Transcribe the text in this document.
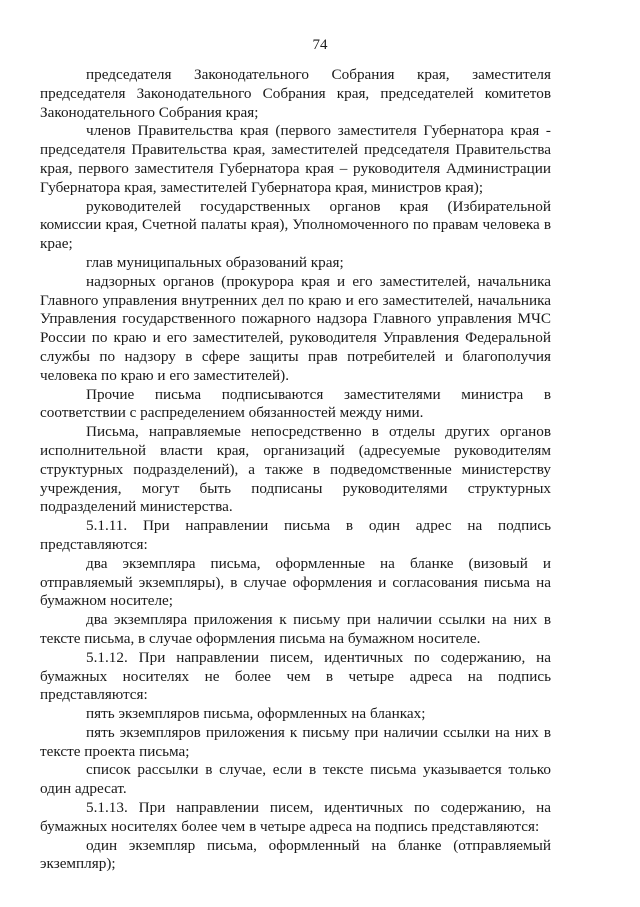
74

председателя Законодательного Собрания края, заместителя председателя Законодательного Собрания края, председателей комитетов Законодательного Собрания края;

членов Правительства края (первого заместителя Губернатора края - председателя Правительства края, заместителей председателя Правительства края, первого заместителя Губернатора края – руководителя Администрации Губернатора края, заместителей Губернатора края, министров края);

руководителей государственных органов края (Избирательной комиссии края, Счетной палаты края), Уполномоченного по правам человека в крае;

глав муниципальных образований края;

надзорных органов (прокурора края и его заместителей, начальника Главного управления внутренних дел по краю и его заместителей, начальника Управления государственного пожарного надзора Главного управления МЧС России по краю и его заместителей, руководителя Управления Федеральной службы по надзору в сфере защиты прав потребителей и благополучия человека по краю и его заместителей).

Прочие письма подписываются заместителями министра в соответствии с распределением обязанностей между ними.

Письма, направляемые непосредственно в отделы других органов исполнительной власти края, организаций (адресуемые руководителям структурных подразделений), а также в подведомственные министерству учреждения, могут быть подписаны руководителями структурных подразделений министерства.

5.1.11. При направлении письма в один адрес на подпись представляются:

два экземпляра письма, оформленные на бланке (визовый и отправляемый экземпляры), в случае оформления и согласования письма на бумажном носителе;

два экземпляра приложения к письму при наличии ссылки на них в тексте письма, в случае оформления письма на бумажном носителе.

5.1.12. При направлении писем, идентичных по содержанию, на бумажных носителях не более чем в четыре адреса на подпись представляются:

пять экземпляров письма, оформленных на бланках;

пять экземпляров приложения к письму при наличии ссылки на них в тексте проекта письма;

список рассылки в случае, если в тексте письма указывается только один адресат.

5.1.13. При направлении писем, идентичных по содержанию, на бумажных носителях более чем в четыре адреса на подпись представляются:

один экземпляр письма, оформленный на бланке (отправляемый экземпляр);
